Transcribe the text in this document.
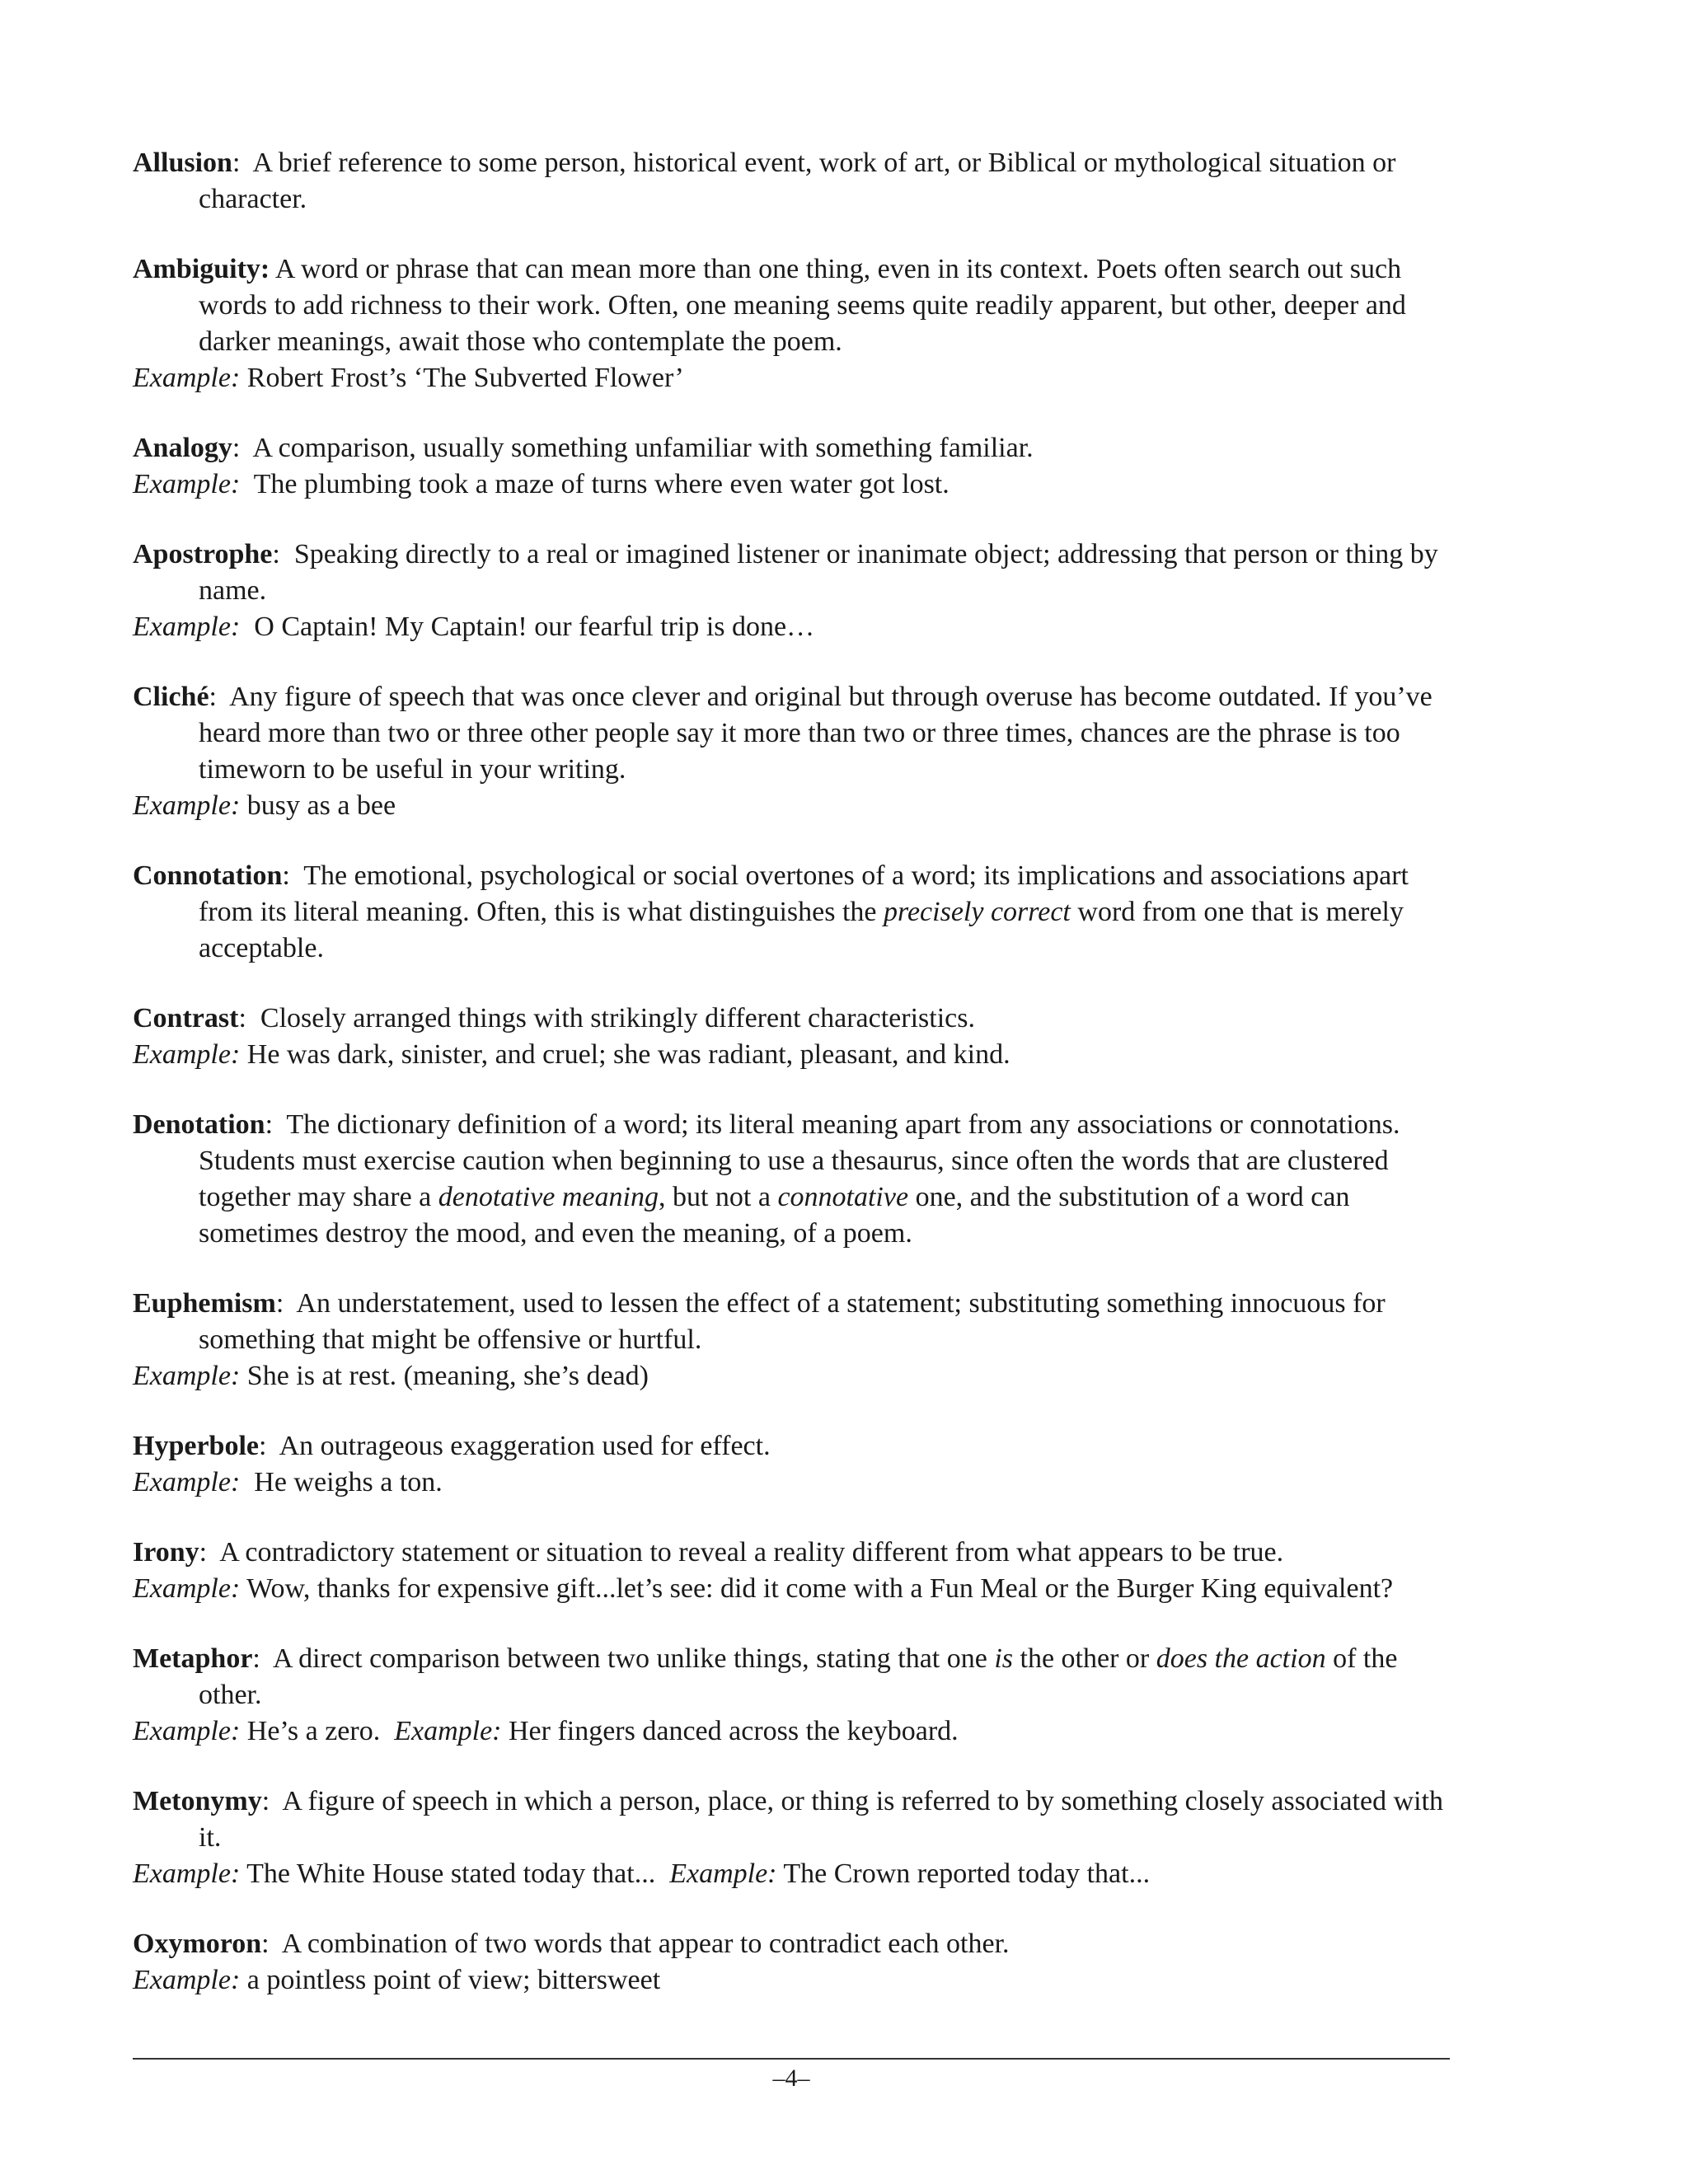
Allusion:  A brief reference to some person, historical event, work of art, or Biblical or mythological situation or character.
Ambiguity: A word or phrase that can mean more than one thing, even in its context. Poets often search out such words to add richness to their work. Often, one meaning seems quite readily apparent, but other, deeper and darker meanings, await those who contemplate the poem.
Example: Robert Frost’s ‘The Subverted Flower’
Analogy:  A comparison, usually something unfamiliar with something familiar.
Example:  The plumbing took a maze of turns where even water got lost.
Apostrophe:  Speaking directly to a real or imagined listener or inanimate object; addressing that person or thing by name.
Example:  O Captain! My Captain! our fearful trip is done…
Cliché:  Any figure of speech that was once clever and original but through overuse has become outdated. If you’ve heard more than two or three other people say it more than two or three times, chances are the phrase is too timeworn to be useful in your writing.
Example: busy as a bee
Connotation:  The emotional, psychological or social overtones of a word; its implications and associations apart from its literal meaning. Often, this is what distinguishes the precisely correct word from one that is merely acceptable.
Contrast:  Closely arranged things with strikingly different characteristics.
Example: He was dark, sinister, and cruel; she was radiant, pleasant, and kind.
Denotation:  The dictionary definition of a word; its literal meaning apart from any associations or connotations. Students must exercise caution when beginning to use a thesaurus, since often the words that are clustered together may share a denotative meaning, but not a connotative one, and the substitution of a word can sometimes destroy the mood, and even the meaning, of a poem.
Euphemism:  An understatement, used to lessen the effect of a statement; substituting something innocuous for something that might be offensive or hurtful.
Example: She is at rest. (meaning, she’s dead)
Hyperbole:  An outrageous exaggeration used for effect.
Example:  He weighs a ton.
Irony:  A contradictory statement or situation to reveal a reality different from what appears to be true.
Example: Wow, thanks for expensive gift...let’s see: did it come with a Fun Meal or the Burger King equivalent?
Metaphor:  A direct comparison between two unlike things, stating that one is the other or does the action of the other.
Example: He’s a zero.  Example: Her fingers danced across the keyboard.
Metonymy:  A figure of speech in which a person, place, or thing is referred to by something closely associated with it.
Example: The White House stated today that...  Example: The Crown reported today that...
Oxymoron:  A combination of two words that appear to contradict each other.
Example: a pointless point of view; bittersweet
–4–
